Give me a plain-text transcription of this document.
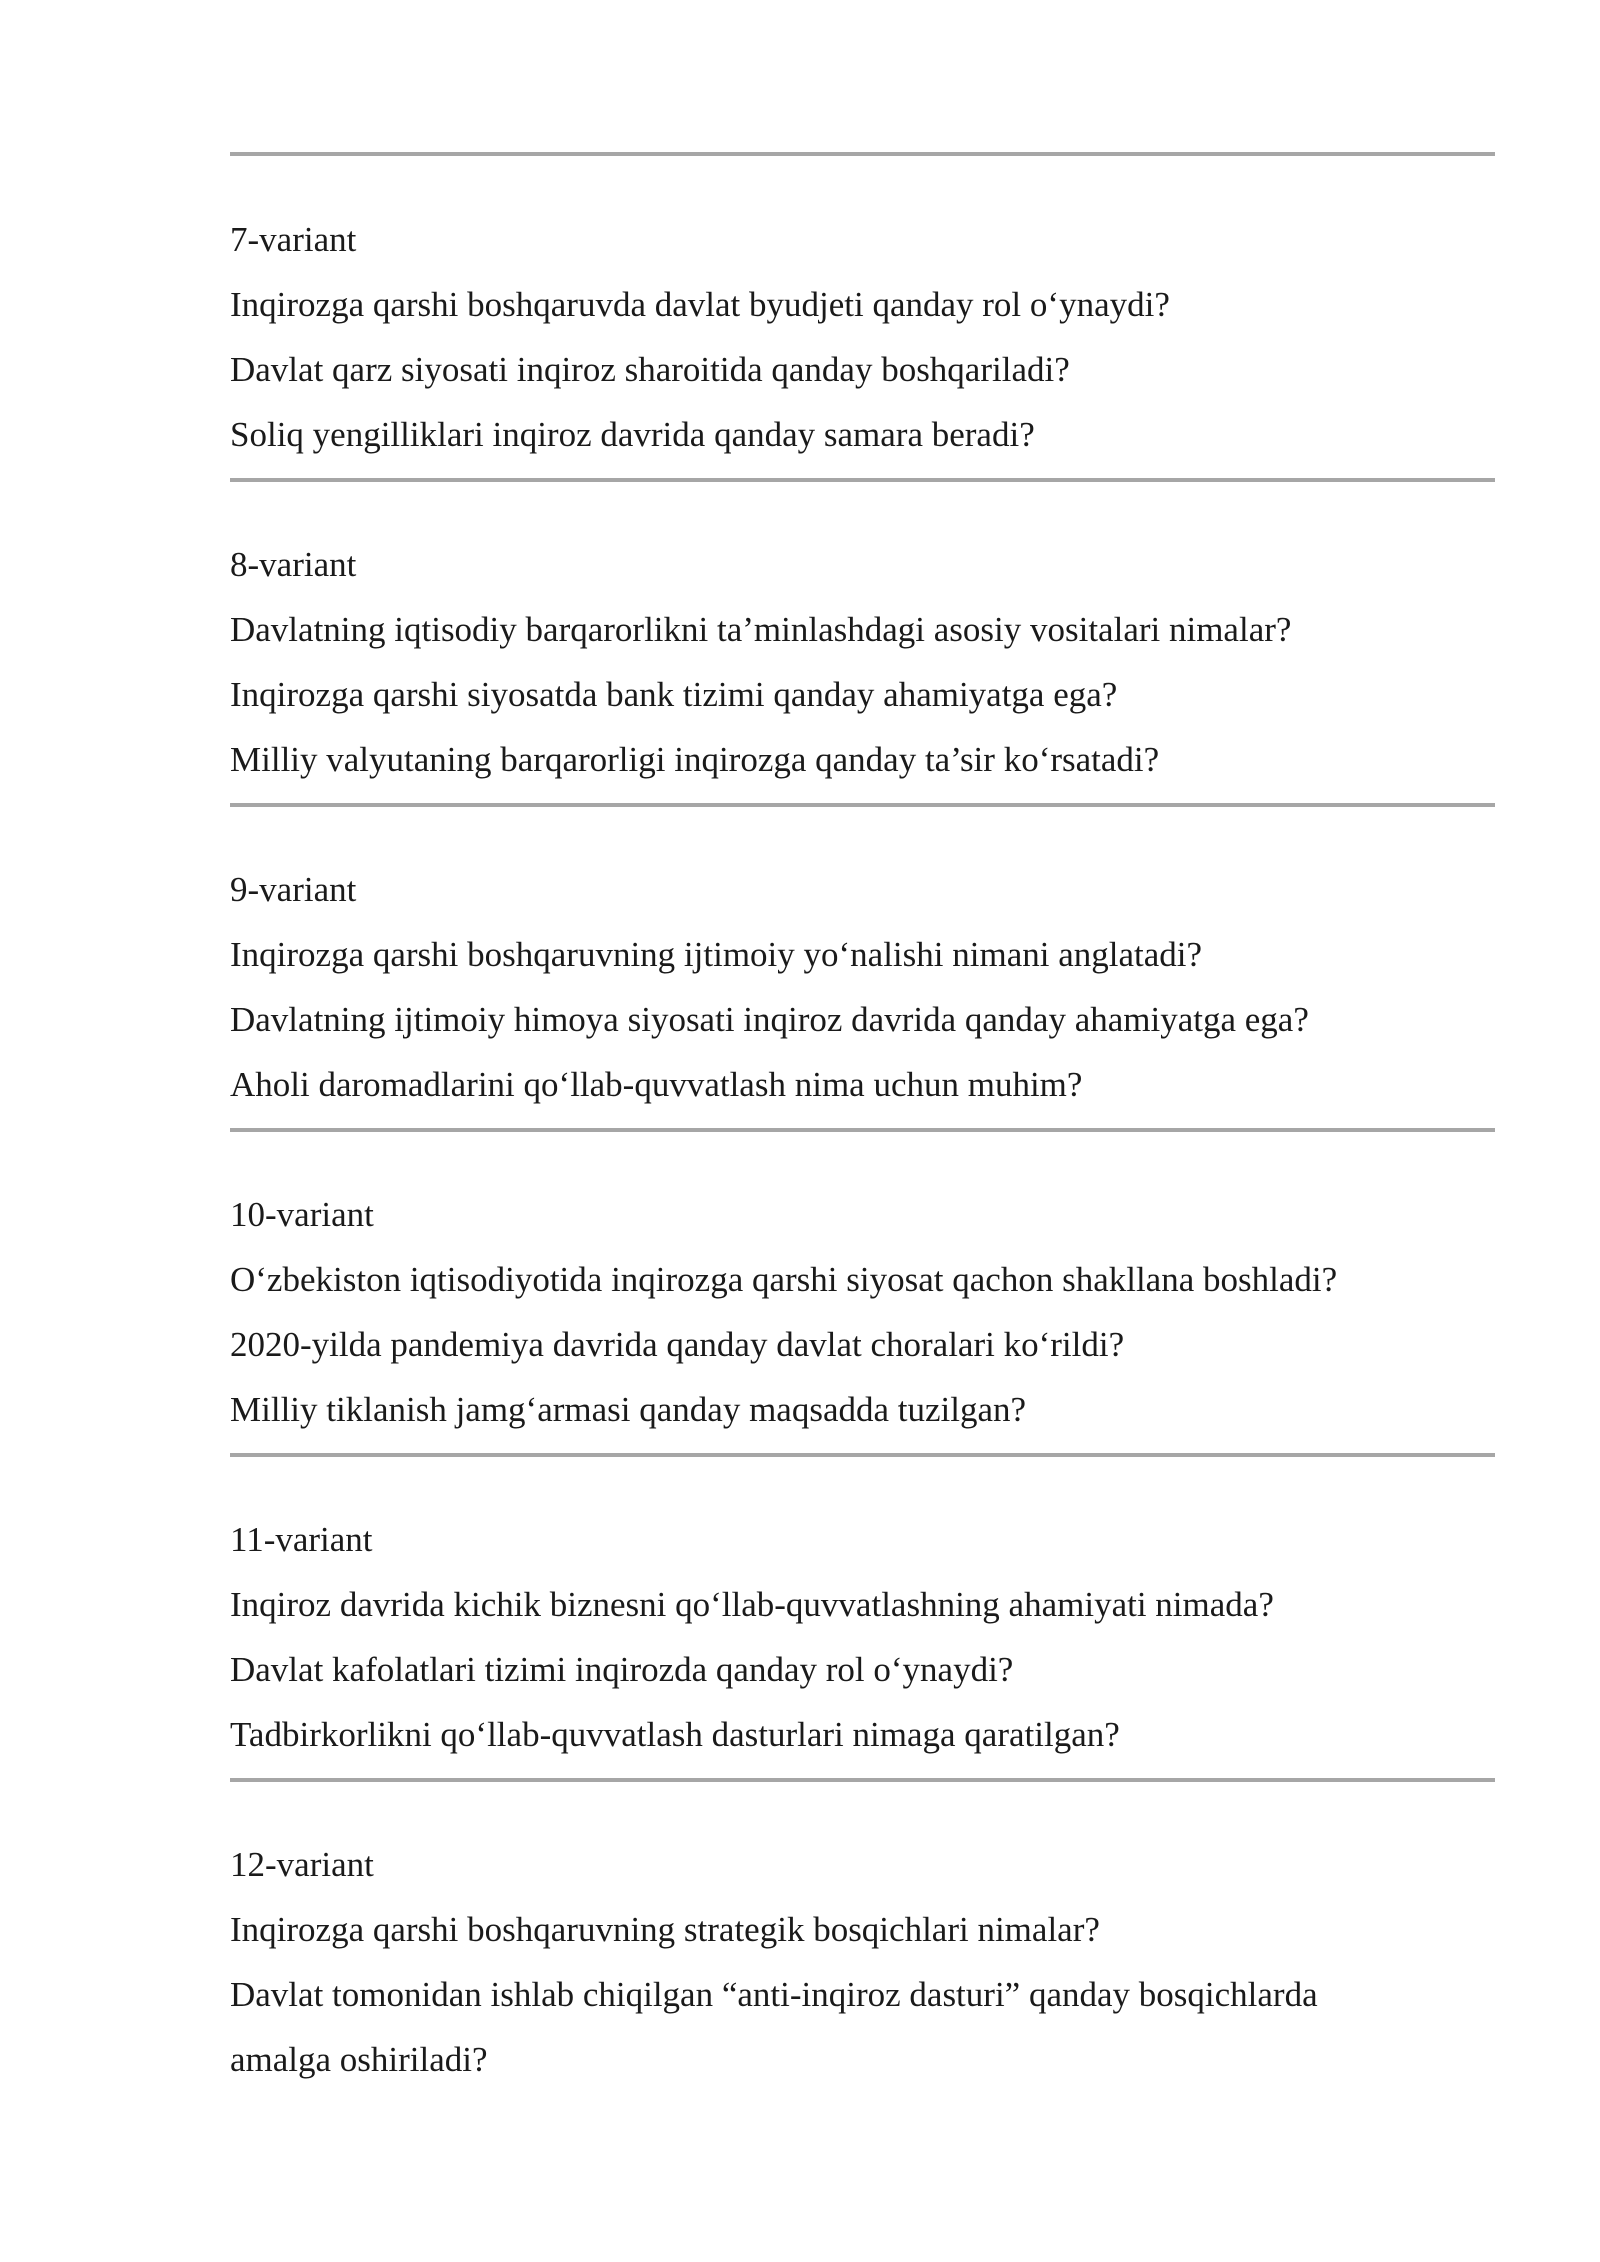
7-variant
Inqirozga qarshi boshqaruvda davlat byudjeti qanday rol o‘ynaydi?
Davlat qarz siyosati inqiroz sharoitida qanday boshqariladi?
Soliq yengilliklari inqiroz davrida qanday samara beradi?
8-variant
Davlatning iqtisodiy barqarorlikni ta’minlashdagi asosiy vositalari nimalar?
Inqirozga qarshi siyosatda bank tizimi qanday ahamiyatga ega?
Milliy valyutaning barqarorligi inqirozga qanday ta’sir ko‘rsatadi?
9-variant
Inqirozga qarshi boshqaruvning ijtimoiy yo‘nalishi nimani anglatadi?
Davlatning ijtimoiy himoya siyosati inqiroz davrida qanday ahamiyatga ega?
Aholi daromadlarini qo‘llab-quvvatlash nima uchun muhim?
10-variant
O‘zbekiston iqtisodiyotida inqirozga qarshi siyosat qachon shakllana boshladi?
2020-yilda pandemiya davrida qanday davlat choralari ko‘rildi?
Milliy tiklanish jamg‘armasi qanday maqsadda tuzilgan?
11-variant
Inqiroz davrida kichik biznesni qo‘llab-quvvatlashning ahamiyati nimada?
Davlat kafolatlari tizimi inqirozda qanday rol o‘ynaydi?
Tadbirkorlikni qo‘llab-quvvatlash dasturlari nimaga qaratilgan?
12-variant
Inqirozga qarshi boshqaruvning strategik bosqichlari nimalar?
Davlat tomonidan ishlab chiqilgan “anti-inqiroz dasturi” qanday bosqichlarda
amalga oshiriladi?
